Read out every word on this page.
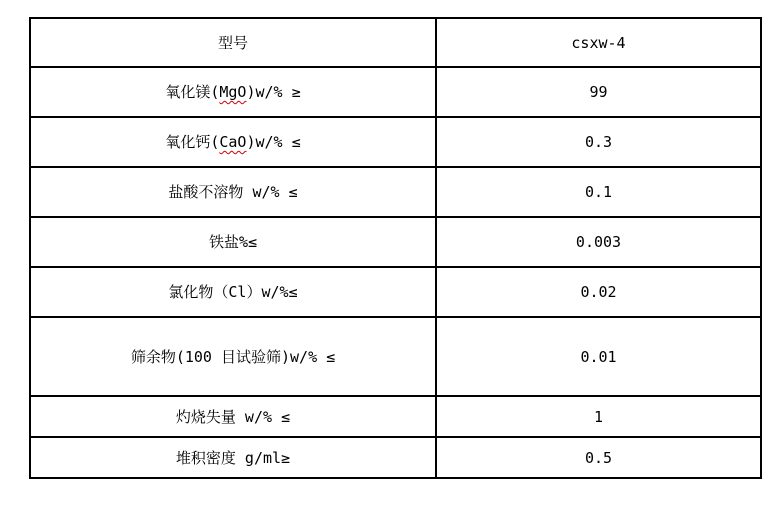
型号	csxw-4
氧化镁(MgO)w/% ≥	99
氧化钙(CaO)w/% ≤	0.3
盐酸不溶物 w/% ≤	0.1
铁盐%≤	0.003
氯化物（Cl）w/%≤	0.02
筛余物(100 目试验筛)w/% ≤	0.01
灼烧失量 w/% ≤	1
堆积密度 g/ml≥	0.5
